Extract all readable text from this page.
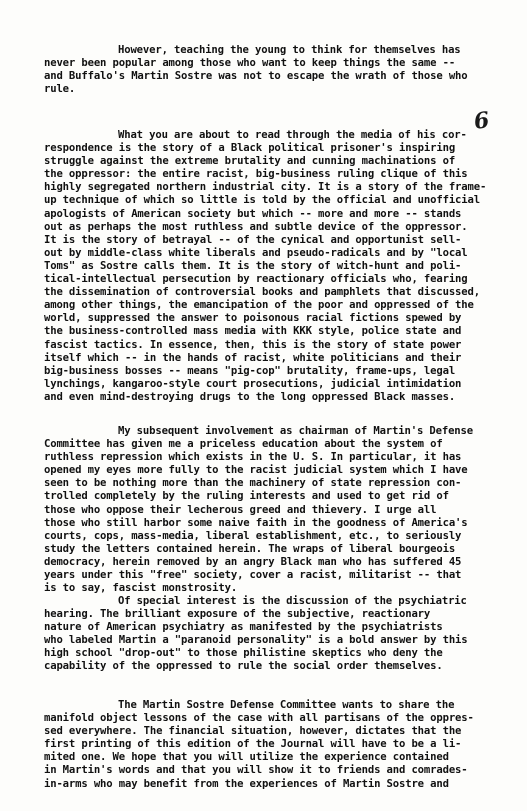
6
However, teaching the young to think for themselves has
never been popular among those who want to keep things the same --
and Buffalo's Martin Sostre was not to escape the wrath of those who
rule.
What you are about to read through the media of his cor-
respondence is the story of a Black political prisoner's inspiring
struggle against the extreme brutality and cunning machinations of
the oppressor: the entire racist, big-business ruling clique of this
highly segregated northern industrial city. It is a story of the frame-
up technique of which so little is told by the official and unofficial
apologists of American society but which -- more and more -- stands
out as perhaps the most ruthless and subtle device of the oppressor.
It is the story of betrayal -- of the cynical and opportunist sell-
out by middle-class white liberals and pseudo-radicals and by "local
Toms" as Sostre calls them. It is the story of witch-hunt and poli-
tical-intellectual persecution by reactionary officials who, fearing
the dissemination of controversial books and pamphlets that discussed,
among other things, the emancipation of the poor and oppressed of the
world, suppressed the answer to poisonous racial fictions spewed by
the business-controlled mass media with KKK style, police state and
fascist tactics. In essence, then, this is the story of state power
itself which -- in the hands of racist, white politicians and their
big-business bosses -- means "pig-cop" brutality, frame-ups, legal
lynchings, kangaroo-style court prosecutions, judicial intimidation
and even mind-destroying drugs to the long oppressed Black masses.
My subsequent involvement as chairman of Martin's Defense
Committee has given me a priceless education about the system of
ruthless repression which exists in the U. S. In particular, it has
opened my eyes more fully to the racist judicial system which I have
seen to be nothing more than the machinery of state repression con-
trolled completely by the ruling interests and used to get rid of
those who oppose their lecherous greed and thievery. I urge all
those who still harbor some naive faith in the goodness of America's
courts, cops, mass-media, liberal establishment, etc., to seriously
study the letters contained herein. The wraps of liberal bourgeois
democracy, herein removed by an angry Black man who has suffered 45
years under this "free" society, cover a racist, militarist -- that
is to say, fascist monstrosity.
Of special interest is the discussion of the psychiatric
hearing. The brilliant exposure of the subjective, reactionary
nature of American psychiatry as manifested by the psychiatrists
who labeled Martin a "paranoid personality" is a bold answer by this
high school "drop-out" to those philistine skeptics who deny the
capability of the oppressed to rule the social order themselves.
The Martin Sostre Defense Committee wants to share the
manifold object lessons of the case with all partisans of the oppres-
sed everywhere. The financial situation, however, dictates that the
first printing of this edition of the Journal will have to be a li-
mited one. We hope that you will utilize the experience contained
in Martin's words and that you will show it to friends and comrades-
in-arms who may benefit from the experiences of Martin Sostre and
